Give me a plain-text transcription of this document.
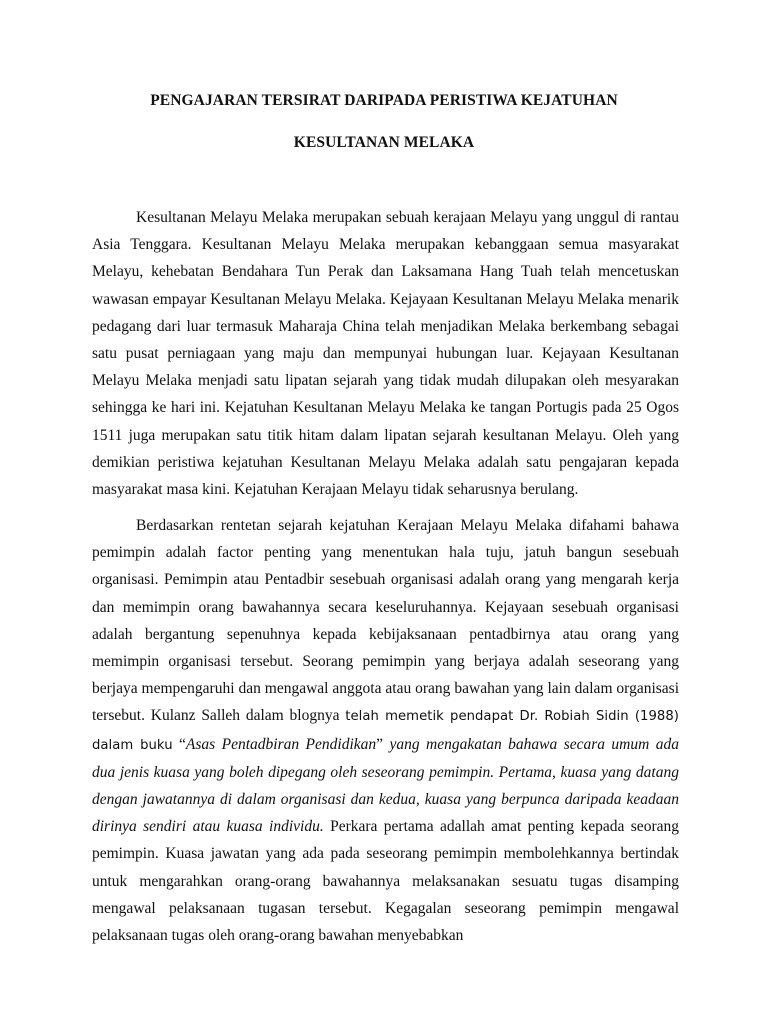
PENGAJARAN TERSIRAT DARIPADA PERISTIWA KEJATUHAN
KESULTANAN MELAKA

Kesultanan Melayu Melaka merupakan sebuah kerajaan Melayu yang unggul di rantau Asia Tenggara. Kesultanan Melayu Melaka merupakan kebanggaan semua masyarakat Melayu, kehebatan Bendahara Tun Perak dan Laksamana Hang Tuah telah mencetuskan wawasan empayar Kesultanan Melayu Melaka. Kejayaan Kesultanan Melayu Melaka menarik pedagang dari luar termasuk Maharaja China telah menjadikan Melaka berkembang sebagai satu pusat perniagaan yang maju dan mempunyai hubungan luar. Kejayaan Kesultanan Melayu Melaka menjadi satu lipatan sejarah yang tidak mudah dilupakan oleh mesyarakan sehingga ke hari ini. Kejatuhan Kesultanan Melayu Melaka ke tangan Portugis pada 25 Ogos 1511 juga merupakan satu titik hitam dalam lipatan sejarah kesultanan Melayu. Oleh yang demikian peristiwa kejatuhan Kesultanan Melayu Melaka adalah satu pengajaran kepada masyarakat masa kini. Kejatuhan Kerajaan Melayu tidak seharusnya berulang.

Berdasarkan rentetan sejarah kejatuhan Kerajaan Melayu Melaka difahami bahawa pemimpin adalah factor penting yang menentukan hala tuju, jatuh bangun sesebuah organisasi. Pemimpin atau Pentadbir sesebuah organisasi adalah orang yang mengarah kerja dan memimpin orang bawahannya secara keseluruhannya. Kejayaan sesebuah organisasi adalah bergantung sepenuhnya kepada kebijaksanaan pentadbirnya atau orang yang memimpin organisasi tersebut. Seorang pemimpin yang berjaya adalah seseorang yang berjaya mempengaruhi dan mengawal anggota atau orang bawahan yang lain dalam organisasi tersebut. Kulanz Salleh dalam blognya telah memetik pendapat Dr. Robiah Sidin (1988) dalam buku “Asas Pentadbiran Pendidikan” yang mengakatan bahawa secara umum ada dua jenis kuasa yang boleh dipegang oleh seseorang pemimpin. Pertama, kuasa yang datang dengan jawatannya di dalam organisasi dan kedua, kuasa yang berpunca daripada keadaan dirinya sendiri atau kuasa individu. Perkara pertama adallah amat penting kepada seorang pemimpin. Kuasa jawatan yang ada pada seseorang pemimpin membolehkannya bertindak untuk mengarahkan orang-orang bawahannya melaksanakan sesuatu tugas disamping mengawal pelaksanaan tugasan tersebut. Kegagalan seseorang pemimpin mengawal pelaksanaan tugas oleh orang-orang bawahan menyebabkan
